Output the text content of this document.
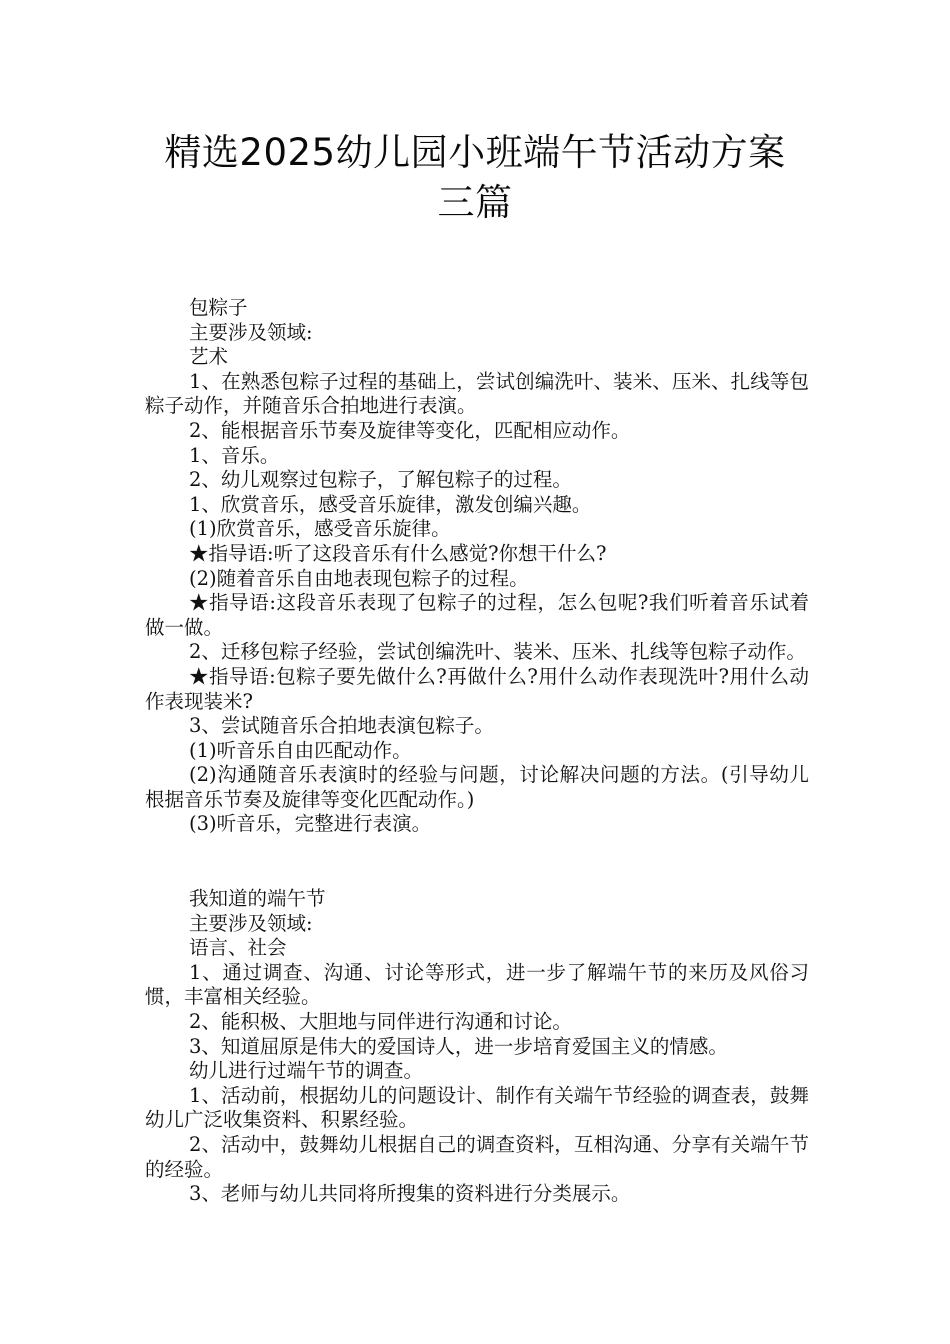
精选2025幼儿园小班端午节活动方案
三篇

包粽子

主要涉及领域:

艺术

1、在熟悉包粽子过程的基础上，尝试创编洗叶、装米、压米、扎线等包粽子动作，并随音乐合拍地进行表演。

2、能根据音乐节奏及旋律等变化，匹配相应动作。

1、音乐。

2、幼儿观察过包粽子，了解包粽子的过程。

1、欣赏音乐，感受音乐旋律，激发创编兴趣。

(1)欣赏音乐，感受音乐旋律。

★指导语:听了这段音乐有什么感觉?你想干什么?

(2)随着音乐自由地表现包粽子的过程。

★指导语:这段音乐表现了包粽子的过程，怎么包呢?我们听着音乐试着做一做。

2、迁移包粽子经验，尝试创编洗叶、装米、压米、扎线等包粽子动作。

★指导语:包粽子要先做什么?再做什么?用什么动作表现洗叶?用什么动作表现装米?

3、尝试随音乐合拍地表演包粽子。

(1)听音乐自由匹配动作。

(2)沟通随音乐表演时的经验与问题，讨论解决问题的方法。(引导幼儿根据音乐节奏及旋律等变化匹配动作。)

(3)听音乐，完整进行表演。

我知道的端午节

主要涉及领域:

语言、社会

1、通过调查、沟通、讨论等形式，进一步了解端午节的来历及风俗习惯，丰富相关经验。

2、能积极、大胆地与同伴进行沟通和讨论。

3、知道屈原是伟大的爱国诗人，进一步培育爱国主义的情感。

幼儿进行过端午节的调查。

1、活动前，根据幼儿的问题设计、制作有关端午节经验的调查表，鼓舞幼儿广泛收集资料、积累经验。

2、活动中，鼓舞幼儿根据自己的调查资料，互相沟通、分享有关端午节的经验。

3、老师与幼儿共同将所搜集的资料进行分类展示。
